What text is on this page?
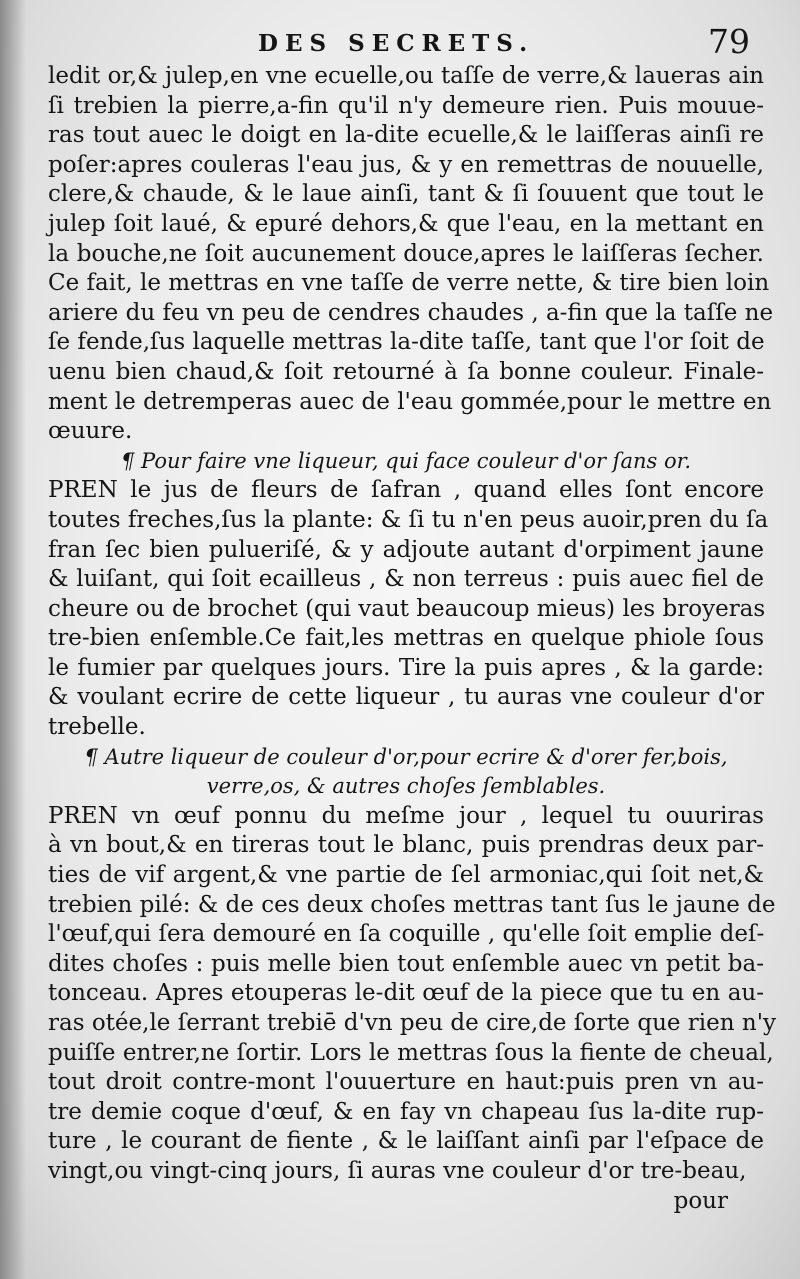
DES SECRETS.	79
ledit or,& julep,en vne ecuelle,ou taſſe de verre,& laueras ain
ſi trebien la pierre,a-fin qu'il n'y demeure rien. Puis mouue-
ras tout auec le doigt en la-dite ecuelle,& le laiſſeras ainſi re
poſer:apres couleras l'eau jus, & y en remettras de nouuelle,
clere,& chaude, & le laue ainſi, tant & ſi ſouuent que tout le
julep ſoit laué, & epuré dehors,& que l'eau, en la mettant en
la bouche,ne ſoit aucunement douce,apres le laiſſeras ſecher.
Ce fait, le mettras en vne taſſe de verre nette, & tire bien loin
ariere du feu vn peu de cendres chaudes , a-fin que la taſſe ne
ſe fende,ſus laquelle mettras la-dite taſſe, tant que l'or ſoit de
uenu bien chaud,& ſoit retourné à ſa bonne couleur. Finale-
ment le detremperas auec de l'eau gommée,pour le mettre en
œuure.
¶ Pour faire vne liqueur, qui face couleur d'or ſans or.
PREN le jus de fleurs de ſafran , quand elles ſont encore
toutes freches,ſus la plante: & ſi tu n'en peus auoir,pren du ſa
fran ſec bien pulueriſé, & y adjoute autant d'orpiment jaune
& luiſant, qui ſoit ecailleus , & non terreus : puis auec fiel de
cheure ou de brochet (qui vaut beaucoup mieus) les broyeras
tre-bien enſemble.Ce fait,les mettras en quelque phiole ſous
le fumier par quelques jours. Tire la puis apres , & la garde:
& voulant ecrire de cette liqueur , tu auras vne couleur d'or
trebelle.
¶ Autre liqueur de couleur d'or,pour ecrire & d'orer fer,bois,
verre,os, & autres choſes ſemblables.
PREN vn œuf ponnu du meſme jour , lequel tu ouuriras
à vn bout,& en tireras tout le blanc, puis prendras deux par-
ties de vif argent,& vne partie de ſel armoniac,qui ſoit net,&
trebien pilé: & de ces deux choſes mettras tant ſus le jaune de
l'œuf,qui ſera demouré en ſa coquille , qu'elle ſoit emplie deſ-
dites choſes : puis melle bien tout enſemble auec vn petit ba-
tonceau. Apres etouperas le-dit œuf de la piece que tu en au-
ras otée,le ſerrant trebiē d'vn peu de cire,de ſorte que rien n'y
puiſſe entrer,ne ſortir. Lors le mettras ſous la fiente de cheual,
tout droit contre-mont l'ouuerture en haut:puis pren vn au-
tre demie coque d'œuf, & en fay vn chapeau ſus la-dite rup-
ture , le courant de fiente , & le laiſſant ainſi par l'eſpace de
vingt,ou vingt-cinq jours, ſi auras vne couleur d'or tre-beau,
pour
